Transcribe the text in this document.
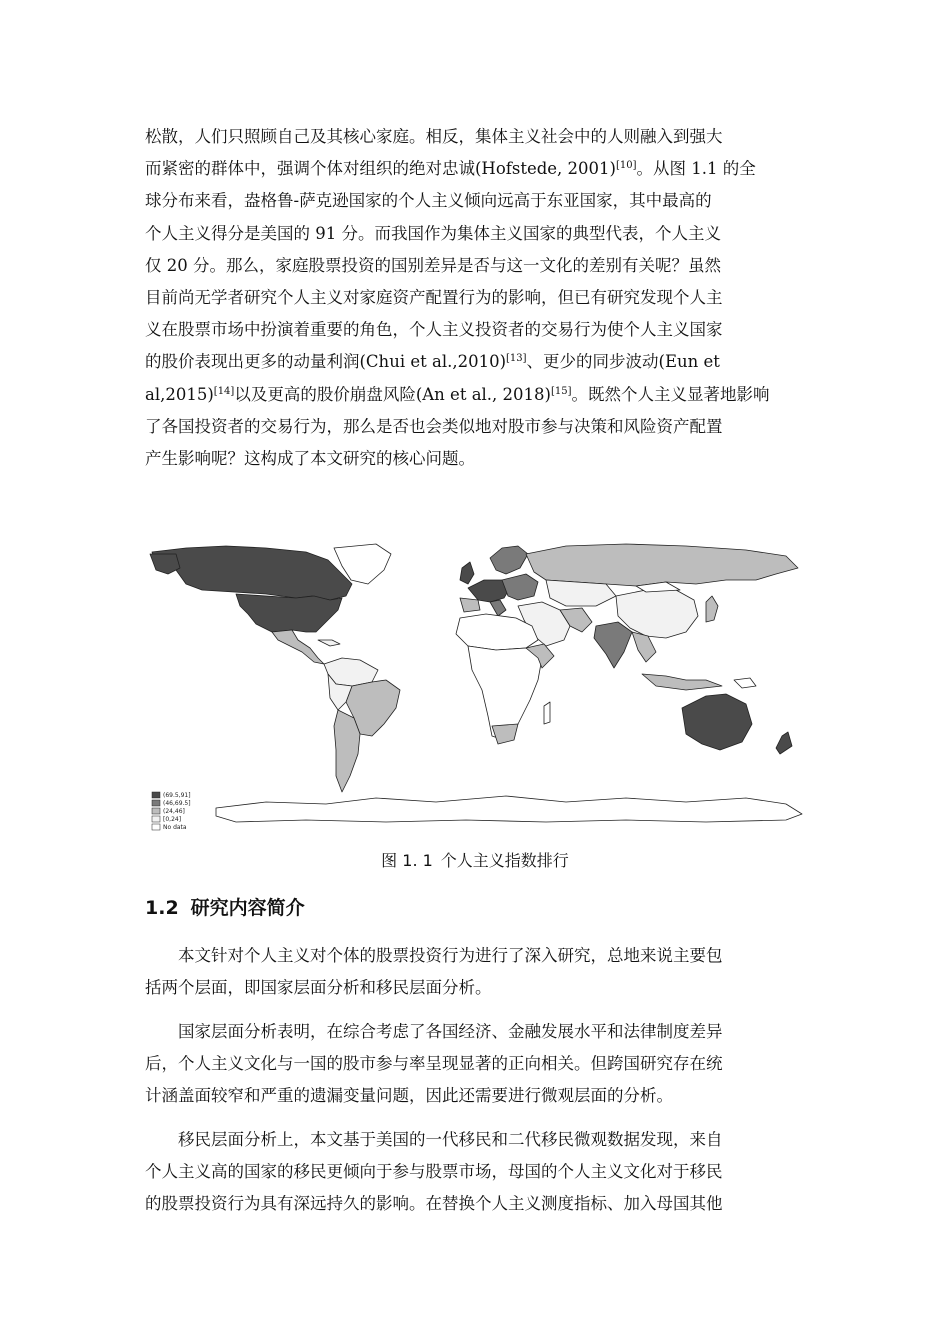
松散，人们只照顾自己及其核心家庭。相反，集体主义社会中的人则融入到强大
而紧密的群体中，强调个体对组织的绝对忠诚(Hofstede, 2001)[10]。从图 1.1 的全
球分布来看，盎格鲁-萨克逊国家的个人主义倾向远高于东亚国家，其中最高的
个人主义得分是美国的 91 分。而我国作为集体主义国家的典型代表，个人主义
仅 20 分。那么，家庭股票投资的国别差异是否与这一文化的差别有关呢？虽然
目前尚无学者研究个人主义对家庭资产配置行为的影响，但已有研究发现个人主
义在股票市场中扮演着重要的角色，个人主义投资者的交易行为使个人主义国家
的股价表现出更多的动量利润(Chui et al.,2010)[13]、更少的同步波动(Eun et
al,2015)[14]以及更高的股价崩盘风险(An et al., 2018)[15]。既然个人主义显著地影响
了各国投资者的交易行为，那么是否也会类似地对股市参与决策和风险资产配置
产生影响呢？这构成了本文研究的核心问题。

(69.5,91]
(46,69.5]
(24,46]
[0,24]
No data
图 1. 1 个人主义指数排行
1.2 研究内容简介

本文针对个人主义对个体的股票投资行为进行了深入研究，总地来说主要包
括两个层面，即国家层面分析和移民层面分析。

国家层面分析表明，在综合考虑了各国经济、金融发展水平和法律制度差异
后，个人主义文化与一国的股市参与率呈现显著的正向相关。但跨国研究存在统
计涵盖面较窄和严重的遗漏变量问题，因此还需要进行微观层面的分析。

移民层面分析上，本文基于美国的一代移民和二代移民微观数据发现，来自
个人主义高的国家的移民更倾向于参与股票市场，母国的个人主义文化对于移民
的股票投资行为具有深远持久的影响。在替换个人主义测度指标、加入母国其他
